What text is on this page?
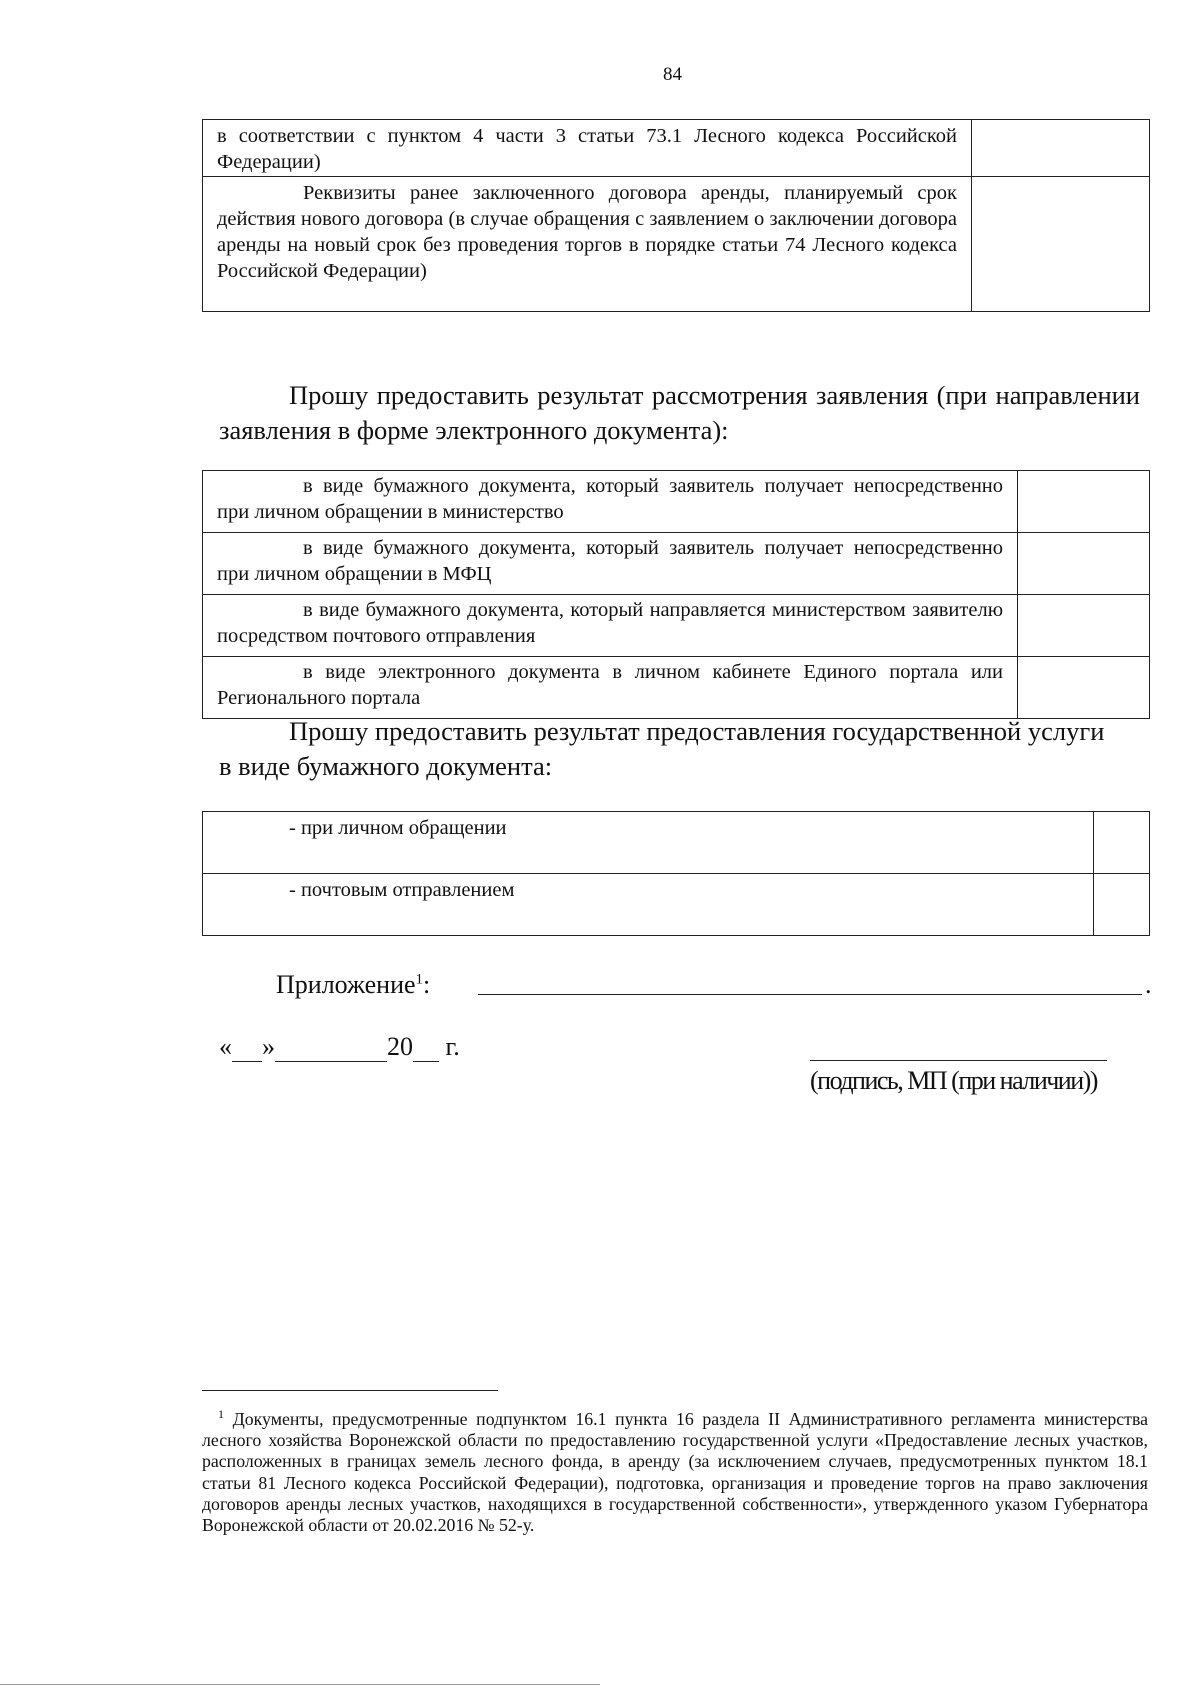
84
в соответствии с пунктом 4 части 3 статьи 73.1 Лесного кодекса Российской Федерации)	
Реквизиты ранее заключенного договора аренды, планируемый срок действия нового договора (в случае обращения с заявлением о заключении договора аренды на новый срок без проведения торгов в порядке статьи 74 Лесного кодекса Российской Федерации)	
Прошу предоставить результат рассмотрения заявления (при направлении заявления в форме электронного документа):
в виде бумажного документа, который заявитель получает непосредственно при личном обращении в министерство	
в виде бумажного документа, который заявитель получает непосредственно при личном обращении в МФЦ	
в виде бумажного документа, который направляется министерством заявителю посредством почтового отправления	
в виде электронного документа в личном кабинете Единого портала или Регионального портала	
Прошу предоставить результат предоставления государственной услуги в виде бумажного документа:
- при личном обращении	
- почтовым отправлением	
Приложение$^1$:	.
« »	20 г.
(подпись, МП (при наличии))
$^1$ Документы, предусмотренные подпунктом 16.1 пункта 16 раздела II Административного регламента министерства лесного хозяйства Воронежской области по предоставлению государственной услуги «Предоставление лесных участков, расположенных в границах земель лесного фонда, в аренду (за исключением случаев, предусмотренных пунктом 18.1 статьи 81 Лесного кодекса Российской Федерации), подготовка, организация и проведение торгов на право заключения договоров аренды лесных участков, находящихся в государственной собственности», утвержденного указом Губернатора Воронежской области от 20.02.2016 № 52-у.
